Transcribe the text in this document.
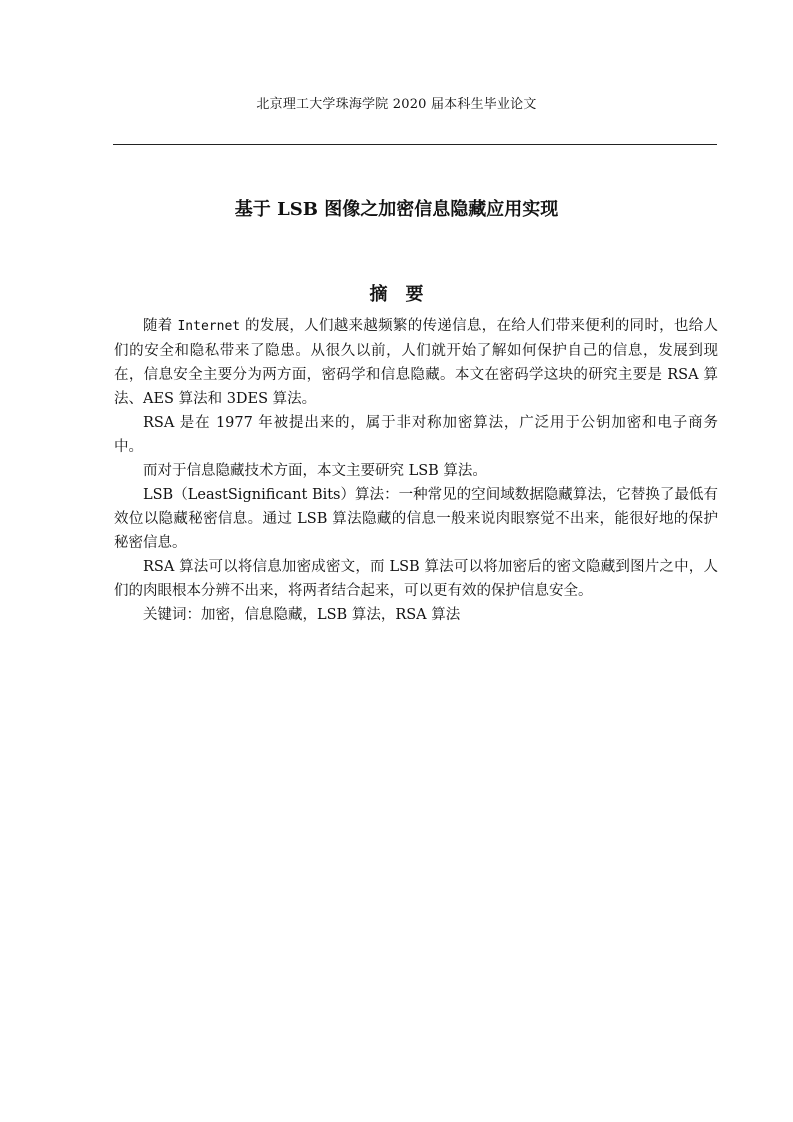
北京理工大学珠海学院 2020 届本科生毕业论文
基于 LSB 图像之加密信息隐藏应用实现
摘要

随着 Internet 的发展，人们越来越频繁的传递信息，在给人们带来便利的同时，也给人们的安全和隐私带来了隐患。从很久以前，人们就开始了解如何保护自己的信息，发展到现在，信息安全主要分为两方面，密码学和信息隐藏。本文在密码学这块的研究主要是 RSA 算法、AES 算法和 3DES 算法。

RSA 是在 1977 年被提出来的，属于非对称加密算法，广泛用于公钥加密和电子商务中。

而对于信息隐藏技术方面，本文主要研究 LSB 算法。

LSB（LeastSignificant Bits）算法：一种常见的空间域数据隐藏算法，它替换了最低有效位以隐藏秘密信息。通过 LSB 算法隐藏的信息一般来说肉眼察觉不出来，能很好地的保护秘密信息。

RSA 算法可以将信息加密成密文，而 LSB 算法可以将加密后的密文隐藏到图片之中，人们的肉眼根本分辨不出来，将两者结合起来，可以更有效的保护信息安全。

关键词：加密，信息隐藏，LSB 算法，RSA 算法
